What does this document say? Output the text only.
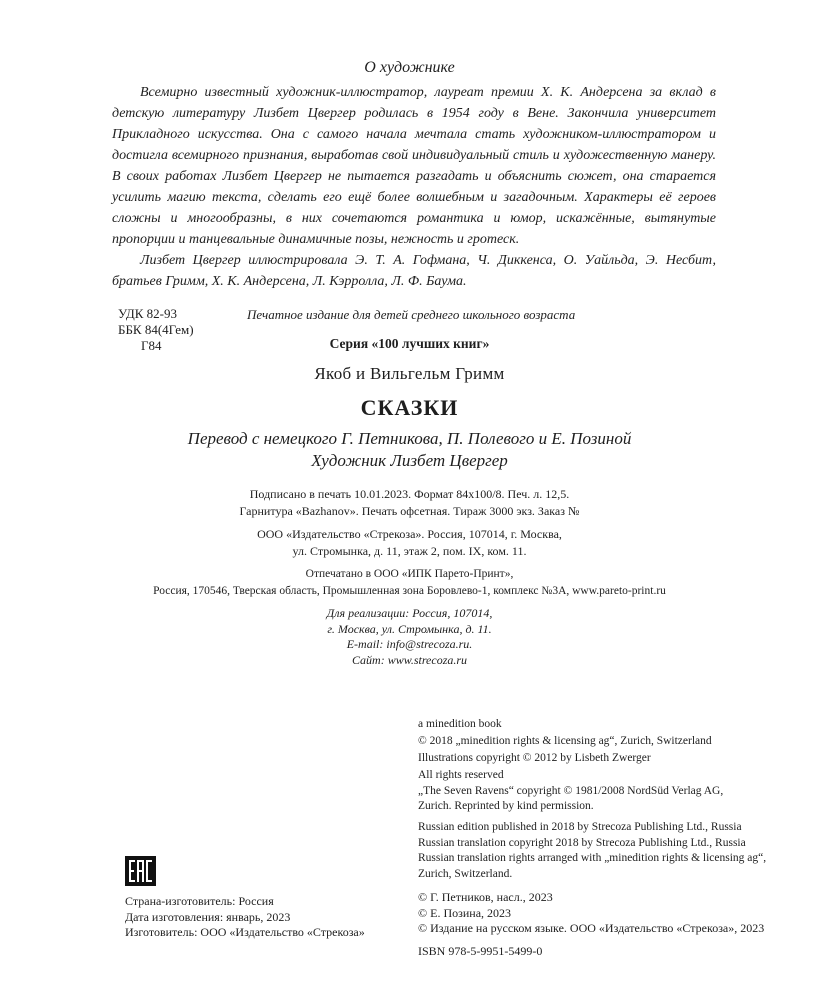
О художнике

Всемирно известный художник-иллюстратор, лауреат премии Х. К. Андерсена за вклад в детскую литературу Лизбет Цвергер родилась в 1954 году в Вене. Закончила университет Прикладного искусства. Она с самого начала мечтала стать художником-иллюстратором и достигла всемирного признания, выработав свой индивидуальный стиль и художественную манеру. В своих работах Лизбет Цвергер не пытается разгадать и объяснить сюжет, она старается усилить магию текста, сделать его ещё более волшебным и загадочным. Характеры её героев сложны и многообразны, в них сочетаются романтика и юмор, искажённые, вытянутые пропорции и танцевальные динамичные позы, нежность и гротеск.

Лизбет Цвергер иллюстрировала Э. Т. А. Гофмана, Ч. Диккенса, О. Уайльда, Э. Несбит, братьев Гримм, Х. К. Андерсена, Л. Кэрролла, Л. Ф. Баума.

УДК 82-93
ББК 84(4Гем)
Г84
Печатное издание для детей среднего школьного возраста
Серия «100 лучших книг»
Якоб и Вильгельм Гримм
СКАЗКИ
Перевод с немецкого Г. Петникова, П. Полевого и Е. Позиной
Художник Лизбет Цвергер
Подписано в печать 10.01.2023. Формат 84х100/8. Печ. л. 12,5.
Гарнитура «Bazhanov». Печать офсетная. Тираж 3000 экз. Заказ №
ООО «Издательство «Стрекоза». Россия, 107014, г. Москва,
ул. Стромынка, д. 11, этаж 2, пом. IX, ком. 11.
Отпечатано в ООО «ИПК Парето-Принт»,
Россия, 170546, Тверская область, Промышленная зона Боровлево-1, комплекс №3А, www.pareto-print.ru
Для реализации: Россия, 107014,
г. Москва, ул. Стромынка, д. 11.
E-mail: info@strecoza.ru.
Сайт: www.strecoza.ru
Страна-изготовитель: Россия
Дата изготовления: январь, 2023
Изготовитель: ООО «Издательство «Стрекоза»
a minedition book
© 2018 „minedition rights & licensing ag“, Zurich, Switzerland
Illustrations copyright © 2012 by Lisbeth Zwerger
All rights reserved
„The Seven Ravens“ copyright © 1981/2008 NordSüd Verlag AG,
Zurich. Reprinted by kind permission.
Russian edition published in 2018 by Strecoza Publishing Ltd., Russia
Russian translation copyright 2018 by Strecoza Publishing Ltd., Russia
Russian translation rights arranged with „minedition rights & licensing ag“,
Zurich, Switzerland.
© Г. Петников, насл., 2023
© Е. Позина, 2023
© Издание на русском языке. ООО «Издательство «Стрекоза», 2023
ISBN 978-5-9951-5499-0
